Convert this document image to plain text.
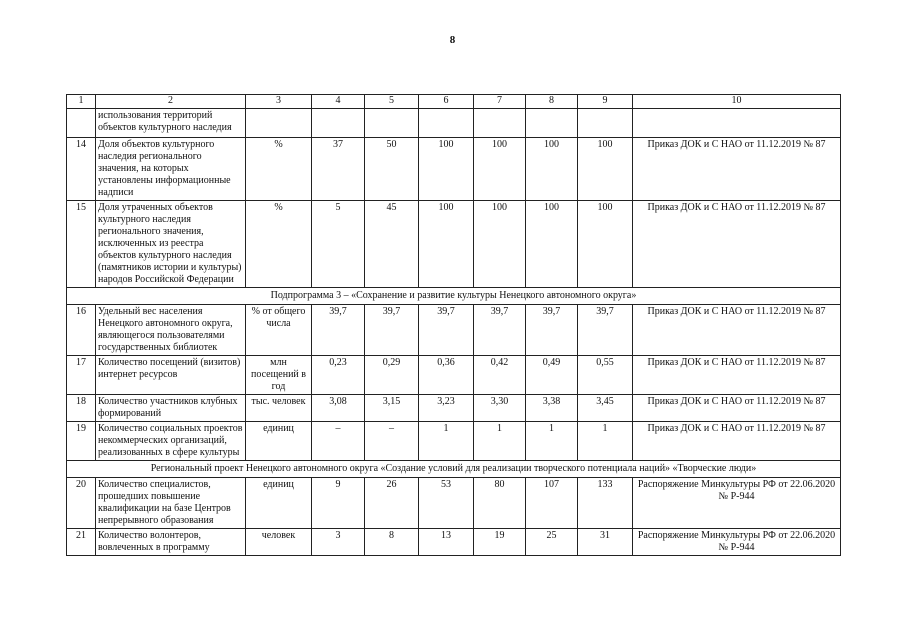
8
1	2	3	4	5	6	7	8	9	10
	использования территорий объектов культурного наследия								
14	Доля объектов культурного наследия регионального значения, на которых установлены информационные надписи	%	37	50	100	100	100	100	Приказ ДОК и С НАО от 11.12.2019 № 87
15	Доля утраченных объектов культурного наследия регионального значения, исключенных из реестра объектов культурного наследия (памятников истории и культуры) народов Российской Федерации	%	5	45	100	100	100	100	Приказ ДОК и С НАО от 11.12.2019 № 87
Подпрограмма 3 – «Сохранение и развитие культуры Ненецкого автономного округа»									
16	Удельный вес населения Ненецкого автономного округа, являющегося пользователями государственных библиотек	% от общего числа	39,7	39,7	39,7	39,7	39,7	39,7	Приказ ДОК и С НАО от 11.12.2019 № 87
17	Количество посещений (визитов) интернет ресурсов	млн посещений в год	0,23	0,29	0,36	0,42	0,49	0,55	Приказ ДОК и С НАО от 11.12.2019 № 87
18	Количество участников клубных формирований	тыс. человек	3,08	3,15	3,23	3,30	3,38	3,45	Приказ ДОК и С НАО от 11.12.2019 № 87
19	Количество социальных проектов некоммерческих организаций, реализованных в сфере культуры	единиц	–	–	1	1	1	1	Приказ ДОК и С НАО от 11.12.2019 № 87
Региональный проект Ненецкого автономного округа «Создание условий для реализации творческого потенциала наций» «Творческие люди»									
20	Количество специалистов, прошедших повышение квалификации на базе Центров непрерывного образования	единиц	9	26	53	80	107	133	Распоряжение Минкультуры РФ от 22.06.2020 № Р-944
21	Количество волонтеров, вовлеченных в программу	человек	3	8	13	19	25	31	Распоряжение Минкультуры РФ от 22.06.2020 № Р-944
